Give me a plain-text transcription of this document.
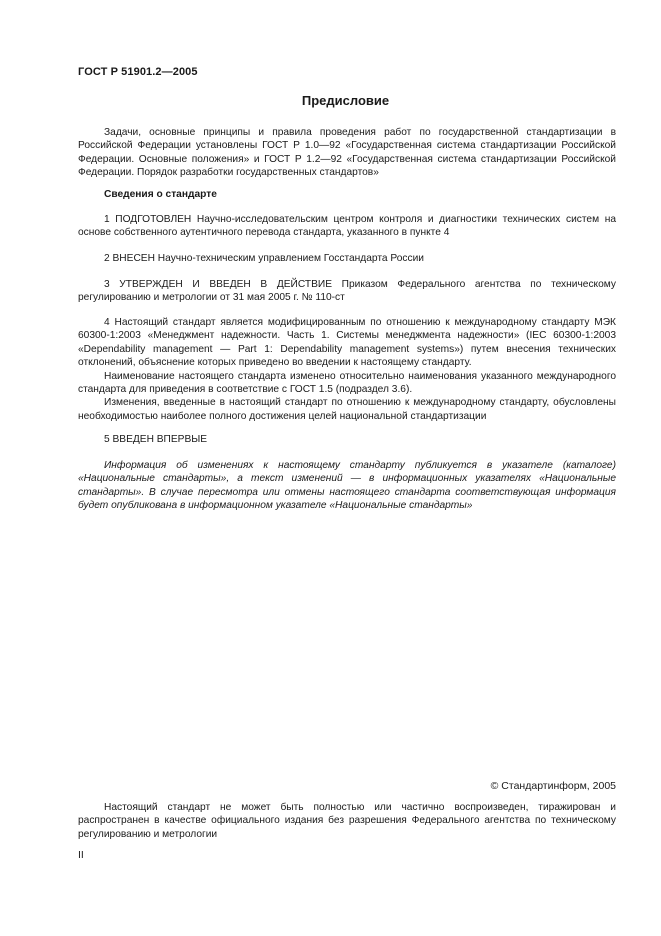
ГОСТ Р 51901.2—2005
Предисловие

Задачи, основные принципы и правила проведения работ по государственной стандартизации в Российской Федерации установлены ГОСТ Р 1.0—92 «Государственная система стандартизации Российской Федерации. Основные положения» и ГОСТ Р 1.2—92 «Государственная система стандартизации Российской Федерации. Порядок разработки государственных стандартов»

Сведения о стандарте

1 ПОДГОТОВЛЕН Научно-исследовательским центром контроля и диагностики технических систем на основе собственного аутентичного перевода стандарта, указанного в пункте 4

2 ВНЕСЕН Научно-техническим управлением Госстандарта России

3 УТВЕРЖДЕН И ВВЕДЕН В ДЕЙСТВИЕ Приказом Федерального агентства по техническому регулированию и метрологии от 31 мая 2005 г. № 110-ст

4 Настоящий стандарт является модифицированным по отношению к международному стандарту МЭК 60300-1:2003 «Менеджмент надежности. Часть 1. Системы менеджмента надежности» (IEC 60300-1:2003 «Dependability management — Part 1: Dependability management systems») путем внесения технических отклонений, объяснение которых приведено во введении к настоящему стандарту.

Наименование настоящего стандарта изменено относительно наименования указанного международного стандарта для приведения в соответствие с ГОСТ 1.5 (подраздел 3.6).

Изменения, введенные в настоящий стандарт по отношению к международному стандарту, обусловлены необходимостью наиболее полного достижения целей национальной стандартизации

5 ВВЕДЕН ВПЕРВЫЕ

Информация об изменениях к настоящему стандарту публикуется в указателе (каталоге) «Национальные стандарты», а текст изменений — в информационных указателях «Национальные стандарты». В случае пересмотра или отмены настоящего стандарта соответствующая информация будет опубликована в информационном указателе «Национальные стандарты»

© Стандартинформ, 2005

Настоящий стандарт не может быть полностью или частично воспроизведен, тиражирован и распространен в качестве официального издания без разрешения Федерального агентства по техническому регулированию и метрологии

II
